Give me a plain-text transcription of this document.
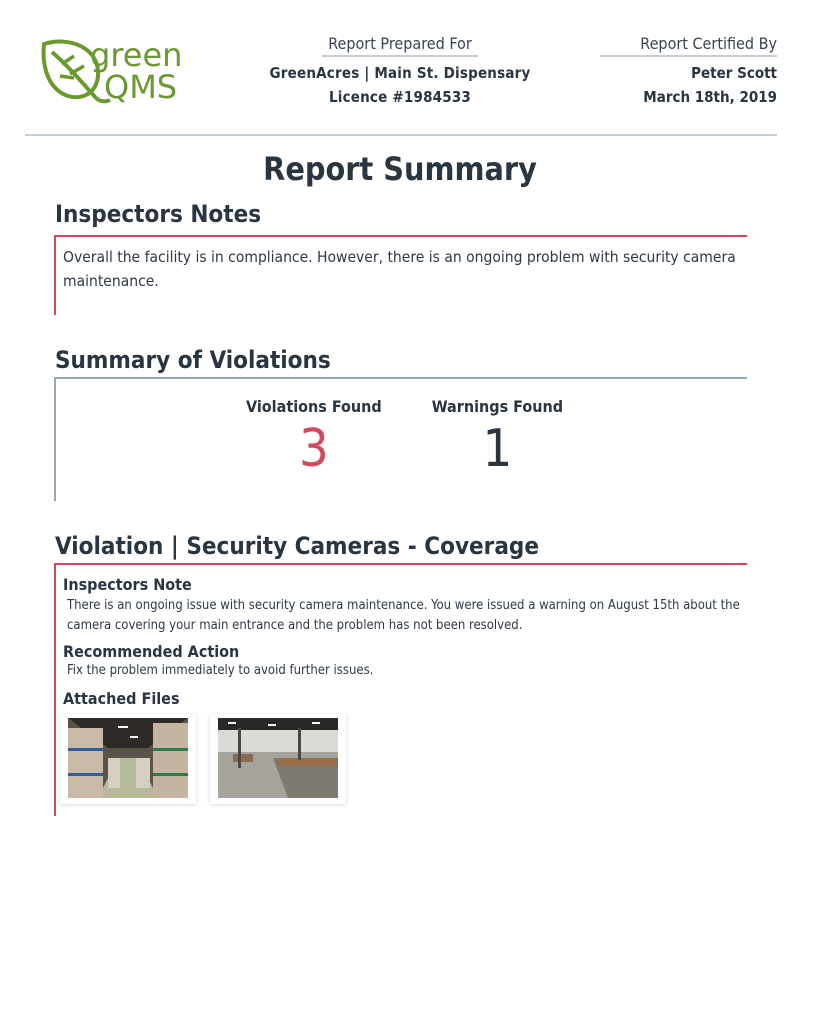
green
QMS
Report Prepared For
GreenAcres | Main St. Dispensary
Licence #1984533
Report Certified By
Peter Scott
March 18th, 2019
Report Summary
Inspectors Notes
Overall the facility is in compliance. However, there is an ongoing problem with security camera maintenance.
Summary of Violations
Violations Found
3
Warnings Found
1
Violation | Security Cameras - Coverage
Inspectors Note
There is an ongoing issue with security camera maintenance. You were issued a warning on August 15th about the camera covering your main entrance and the problem has not been resolved.
Recommended Action
Fix the problem immediately to avoid further issues.
Attached Files
